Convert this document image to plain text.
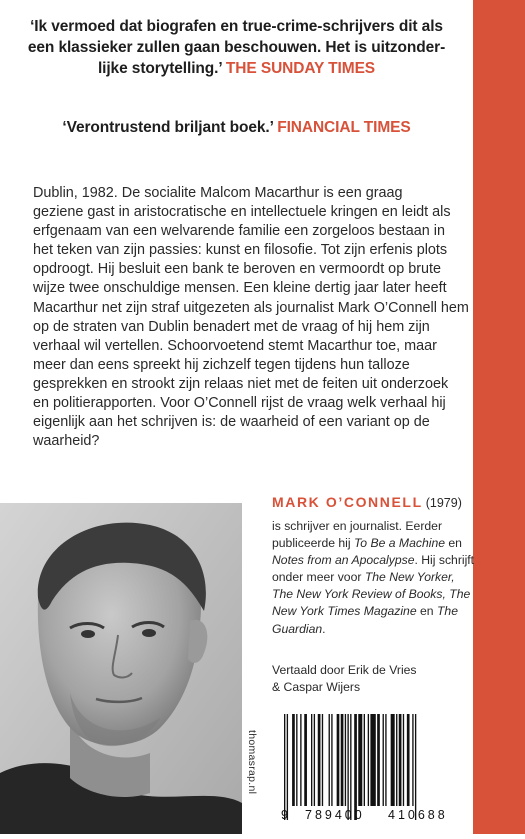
‘Ik vermoed dat biografen en true-crime-schrijvers dit als
een klassieker zullen gaan beschouwen. Het is uitzonder-
lijke storytelling.’ THE SUNDAY TIMES
‘Verontrustend briljant boek.’ FINANCIAL TIMES
Dublin, 1982. De socialite Malcom Macarthur is een graag
geziene gast in aristocratische en intellectuele kringen en leidt als
erfgenaam van een welvarende familie een zorgeloos bestaan in
het teken van zijn passies: kunst en filosofie. Tot zijn erfenis plots
opdroogt. Hij besluit een bank te beroven en vermoordt op brute
wijze twee onschuldige mensen. Een kleine dertig jaar later heeft
Macarthur net zijn straf uitgezeten als journalist Mark O’Connell hem
op de straten van Dublin benadert met de vraag of hij hem zijn
verhaal wil vertellen. Schoorvoetend stemt Macarthur toe, maar
meer dan eens spreekt hij zichzelf tegen tijdens hun talloze
gesprekken en strookt zijn relaas niet met de feiten uit onderzoek
en politierapporten. Voor O’Connell rijst de vraag welk verhaal hij
eigenlijk aan het schrijven is: de waarheid of een variant op de
waarheid?
MARK O’CONNELL (1979)
is schrijver en journalist. Eerder
publiceerde hij To Be a Machine en
Notes from an Apocalypse. Hij schrijft
onder meer voor The New Yorker,
The New York Review of Books, The
New York Times Magazine en The
Guardian.
Vertaald door Erik de Vries
& Caspar Wijers
thomasrap.nl
9 789400 410688
